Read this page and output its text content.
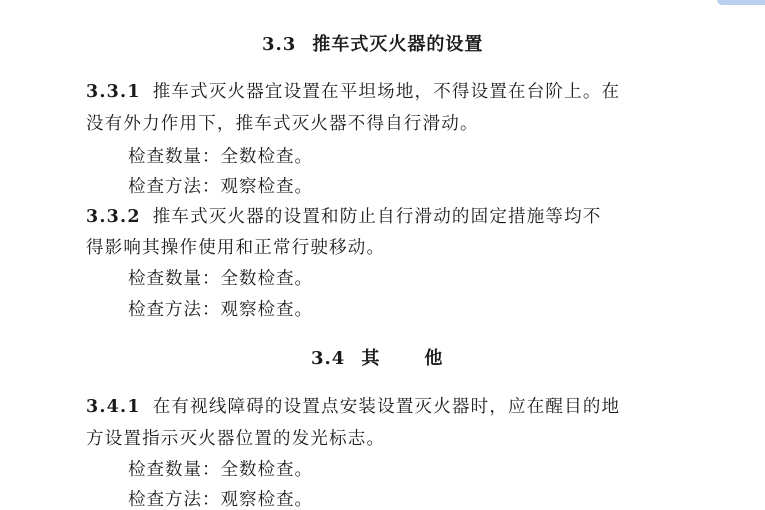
3.3 推车式灭火器的设置
3.3.1 推车式灭火器宜设置在平坦场地，不得设置在台阶上。在
没有外力作用下，推车式灭火器不得自行滑动。
检查数量：全数检查。
检查方法：观察检查。
3.3.2 推车式灭火器的设置和防止自行滑动的固定措施等均不
得影响其操作使用和正常行驶移动。
检查数量：全数检查。
检查方法：观察检查。
3.4 其 他
3.4.1 在有视线障碍的设置点安装设置灭火器时，应在醒目的地
方设置指示灭火器位置的发光标志。
检查数量：全数检查。
检查方法：观察检查。
